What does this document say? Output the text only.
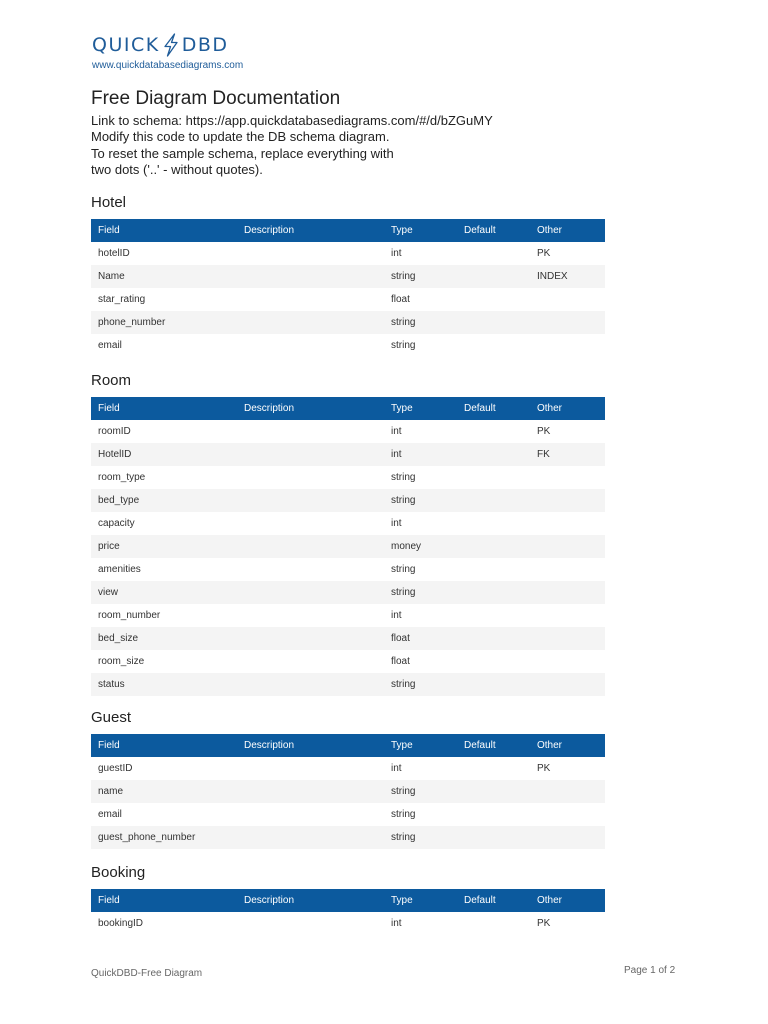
QUICK DBD
www.quickdatabasediagrams.com
Free Diagram Documentation
Link to schema: https://app.quickdatabasediagrams.com/#/d/bZGuMY
Modify this code to update the DB schema diagram.
To reset the sample schema, replace everything with
two dots ('..' - without quotes).
Hotel
Field	Description	Type	Default	Other
hotelID		int		PK
Name		string		INDEX
star_rating		float		
phone_number		string		
email		string		
Room
Field	Description	Type	Default	Other
roomID		int		PK
HotelID		int		FK
room_type		string		
bed_type		string		
capacity		int		
price		money		
amenities		string		
view		string		
room_number		int		
bed_size		float		
room_size		float		
status		string		
Guest
Field	Description	Type	Default	Other
guestID		int		PK
name		string		
email		string		
guest_phone_number		string		
Booking
Field	Description	Type	Default	Other
bookingID		int		PK
QuickDBD-Free Diagram	Page 1 of 2
